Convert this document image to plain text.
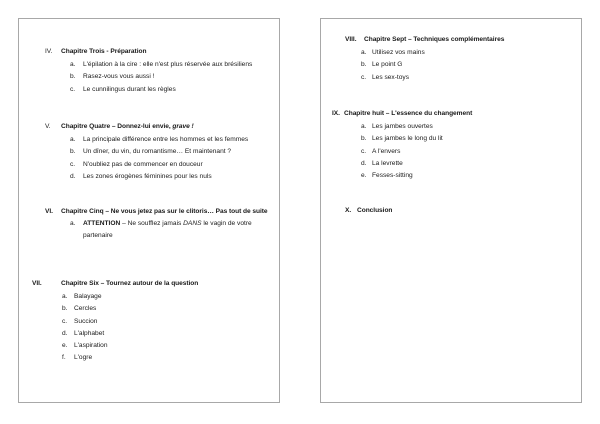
IV. Chapitre Trois - Préparation
a. L'épilation à la cire : elle n'est plus réservée aux brésiliens
b. Rasez-vous vous aussi !
c. Le cunnilingus durant les règles
V. Chapitre Quatre – Donnez-lui envie, grave !
a. La principale différence entre les hommes et les femmes
b. Un dîner, du vin, du romantisme… Et maintenant ?
c. N'oubliez pas de commencer en douceur
d. Les zones érogènes féminines pour les nuls
VI. Chapitre Cinq – Ne vous jetez pas sur le clitoris… Pas tout de suite
a. ATTENTION – Ne soufflez jamais DANS le vagin de votre partenaire
VII.	Chapitre Six – Tournez autour de la question
a. Balayage
b. Cercles
c. Succion
d. L'alphabet
e. L'aspiration
f. L'ogre
VIII. Chapitre Sept – Techniques complémentaires
a. Utilisez vos mains
b. Le point G
c. Les sex-toys
IX. Chapitre huit – L'essence du changement
a. Les jambes ouvertes
b. Les jambes le long du lit
c. A l'envers
d. La levrette
e. Fesses-sitting
X. Conclusion
